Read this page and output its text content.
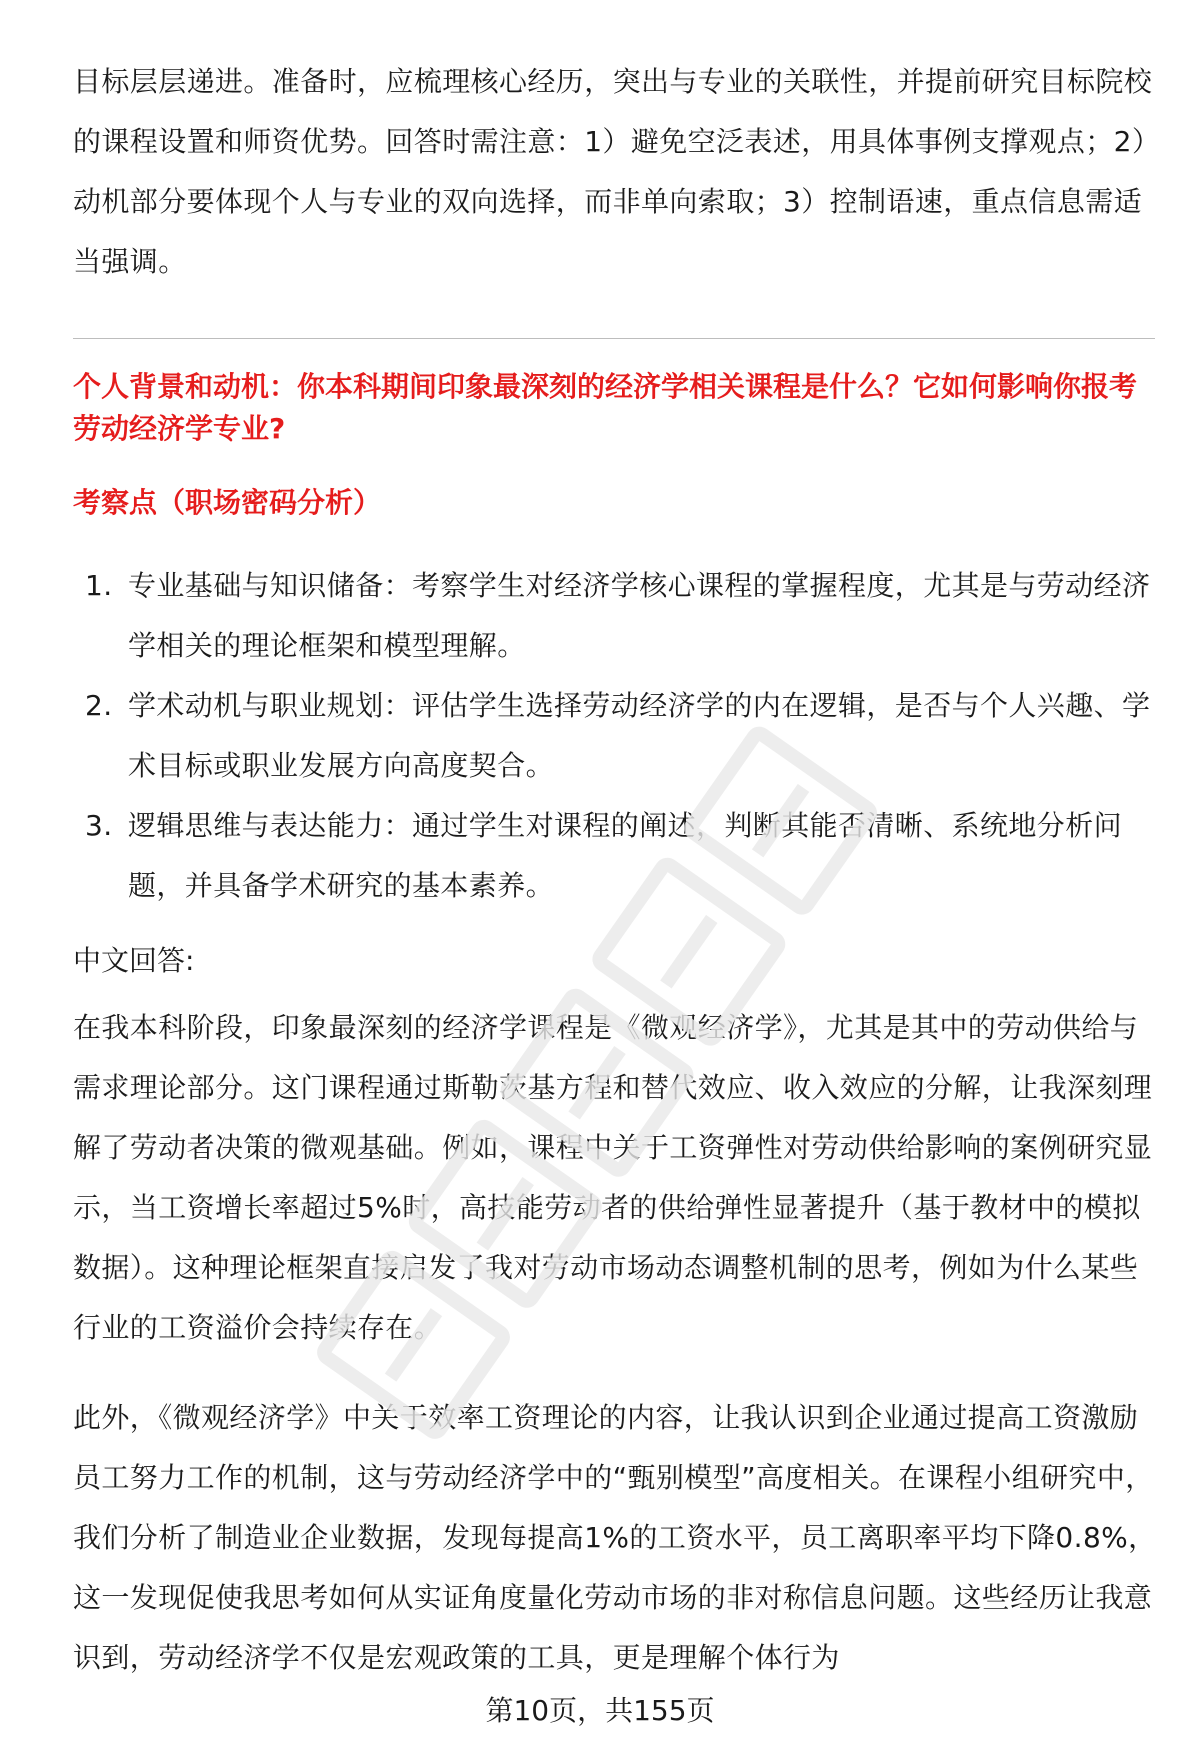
目标层层递进。准备时，应梳理核心经历，突出与专业的关联性，并提前研究目标院校的课程设置和师资优势。回答时需注意：1）避免空泛表述，用具体事例支撑观点；2）动机部分要体现个人与专业的双向选择，而非单向索取；3）控制语速，重点信息需适当强调。

个人背景和动机：你本科期间印象最深刻的经济学相关课程是什么？它如何影响你报考劳动经济学专业?

考察点（职场密码分析）

1. 专业基础与知识储备：考察学生对经济学核心课程的掌握程度，尤其是与劳动经济学相关的理论框架和模型理解。
2. 学术动机与职业规划：评估学生选择劳动经济学的内在逻辑，是否与个人兴趣、学术目标或职业发展方向高度契合。
3. 逻辑思维与表达能力：通过学生对课程的阐述，判断其能否清晰、系统地分析问题，并具备学术研究的基本素养。

中文回答:

在我本科阶段，印象最深刻的经济学课程是《微观经济学》，尤其是其中的劳动供给与需求理论部分。这门课程通过斯勒茨基方程和替代效应、收入效应的分解，让我深刻理解了劳动者决策的微观基础。例如，课程中关于工资弹性对劳动供给影响的案例研究显示，当工资增长率超过5%时，高技能劳动者的供给弹性显著提升（基于教材中的模拟数据）。这种理论框架直接启发了我对劳动市场动态调整机制的思考，例如为什么某些行业的工资溢价会持续存在。

此外，《微观经济学》中关于效率工资理论的内容，让我认识到企业通过提高工资激励员工努力工作的机制，这与劳动经济学中的“甄别模型”高度相关。在课程小组研究中，我们分析了制造业企业数据，发现每提高1%的工资水平，员工离职率平均下降0.8%，这一发现促使我思考如何从实证角度量化劳动市场的非对称信息问题。这些经历让我意识到，劳动经济学不仅是宏观政策的工具，更是理解个体行为

第10页，共155页
